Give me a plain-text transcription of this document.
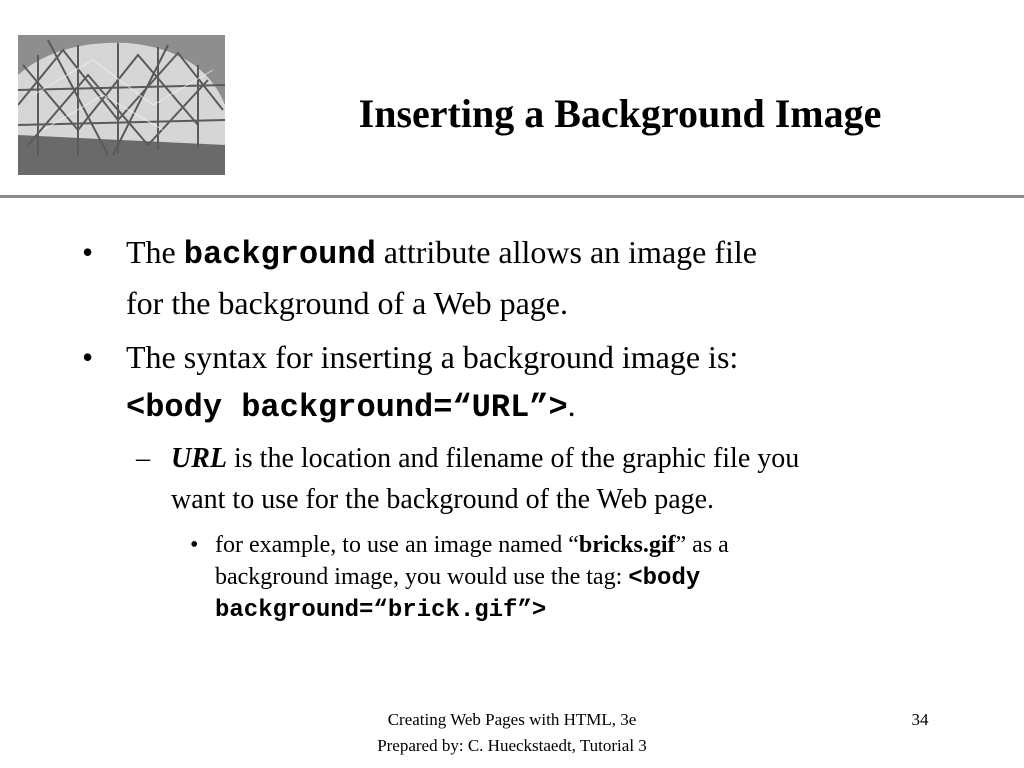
Inserting a Background Image
• The background attribute allows an image file
for the background of a Web page.
• The syntax for inserting a background image is:
<body background=“URL”>.
– URL is the location and filename of the graphic file you
want to use for the background of the Web page.
• for example, to use an image named “bricks.gif” as a
background image, you would use the tag: <body
background=“brick.gif”>
Creating Web Pages with HTML, 3e
Prepared by: C. Hueckstaedt, Tutorial 3
34
